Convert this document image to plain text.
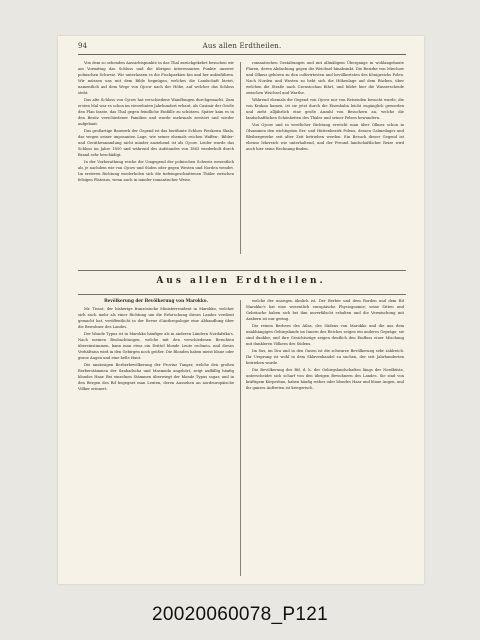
94	Aus allen Erdtheilen.

Von dem so sehenden Aussichtspunkte in das Thal zurückgekehrt besuchen wir am Vormittag das Schloss und die übrigen interessanten Punkte unserer polnischen Schweiz. Wir unterlassen es die Fischparkien hin und her aufzuführen. Wir müssen uns mit dem Bilde begnügen, welches die Landschaft bietet, namentlich auf dem Wege von Ojcow nach der Höhe, auf welcher das Schloss steht.

Das alte Schloss von Ojcow hat verschiedene Wandlungen durchgemacht. Zum ersten Mal war es schon im vierzehnten Jahrhundert erbaut, als Casimir der Große den Plan fasste, das Thal gegen feindliche Einfälle zu schützen. Später kam es in den Besitz verschiedener Familien und wurde mehrmals zerstört und wieder aufgebaut.

Das großartige Bauwerk der Gegend ist das berühmte Schloss Pieskowa Skala, das wegen seiner imposanten Lage, wie seiner ehemals reichen Waffen-, Bilder- und Geräthesammlung nicht minder anziehend ist als Ojcow. Leider wurde das Schloss im Jahre 1850 und während des Aufstandes von 1863 wiederholt durch Brand sehr beschädigt.

In der Vorberathung reiche die Umgegend der polnischen Schweiz wesentlich ab, je nachdem wie von Ojcow und Süden oder gegen Westen und Norden wendet. Im ersteren Richtung wiederholen sich die tiefeingeschnittenen Thäler zwischen felsigen Plateaus, wenn auch in minder romantischer Weise.

romantischen Gestaltungen und mit allmäligem Übergange in wohlangebaute Fluren, deren Abdachung gegen die Weichsel hinabsinkt. Die Bezirke von Miechow und Olkusz gehören zu den cultivirtesten und bevölkertsten des Königreichs Polen. Nach Norden und Westen zu hebt sich die Höhenlage auf dem Rücken, über welchen die Straße nach Czenstochau führt, und bildet hier die Wasserscheide zwischen Weichsel und Warthe.

Während ehemals die Gegend von Ojcow nur von Reisenden besucht wurde, die von Krakau kamen, ist sie jetzt durch die Eisenbahn leicht zugänglich geworden und zieht alljährlich eine große Anzahl von Besuchern an, welche die landschaftlichen Schönheiten des Thales und seiner Felsen bewundern.

Von Ojcow und in westlicher Richtung erreicht man über Olkusz schon in Olsammen den wichtigsten Erz- und Hüttenbezirk Polens, dessen Galmeilager und Bleibergwerke seit alter Zeit betrieben werden. Ein Besuch dieser Gegend ist ebenso lehrreich wie unterhaltend, und der Freund landschaftlicher Reize wird auch hier seine Rechnung finden.

Aus allen Erdtheilen.

Bevölkerung der Bevölkerung von Marokko.

Mr. Tissot, der bisherige französische Ministerresident in Marokko, welcher sich noch mehr als einer Richtung um die Erforschung dieses Landes verdient gemacht hat, veröffentlicht in der Revue d'Anthropologie eine Abhandlung über die Bewohner des Landes.

Der blonde Typus ist in Marokko häufiger als in anderen Ländern Nordafrika's. Nach meinen Beobachtungen, welche mit den verschiedenen Berichten übereinstimmen, kann man etwa ein Drittel blonde Leute rechnen, und dieses Verhältniss wird in den Gebirgen noch größer. Die Blonden haben meist blaue oder graue Augen und eine helle Haut.

Die ansässigen Berberbevölkerung der Provinz Tanger, welche den großen Berberstämmen der Sanhadscha und Masmuda angehört, zeigt auffällig häufig blondes Haar. Bei einzelnen Stämmen überwiegt der blonde Typus sogar, und in den Bergen des Rif begegnet man Leuten, deren Aussehen an nordeuropäische Völker erinnert.

welche der unsrigen ähnlich ist. Der Berber und dem Rorden und dem Rif Marokko's hat eine wesentlich europäische Physiognomie; seine Sitten und Gebräuche haben sich bei ihm unverfälscht erhalten und die Vermischung mit Arabern ist nur gering.

Die reinen Berbern des Atlas, des Südens von Marokko und die aus dem unabhängigen Gebirgslande im Innern des Reiches zeigen ein anderes Gepräge; sie sind dunkler, und ihre Gesichtszüge zeigen deutlich den Einfluss einer Mischung mit dunkleren Völkern des Südens.

Im Sus, im Dra und in den Oasen ist die schwarze Bevölkerung sehr zahlreich. Ihr Ursprung ist wohl in dem Sklavenhandel zu suchen, der seit Jahrhunderten betrieben wurde.

Die Bevölkerung des Rif, d. h. der Gebirgslandschaften längs der Nordküste, unterscheidet sich scharf von den übrigen Bewohnern des Landes. Sie sind von kräftigem Körperbau, haben häufig rothes oder blondes Haar und blaue Augen, und ihr ganzes Auftreten ist kriegerisch.

20020060078_P121
